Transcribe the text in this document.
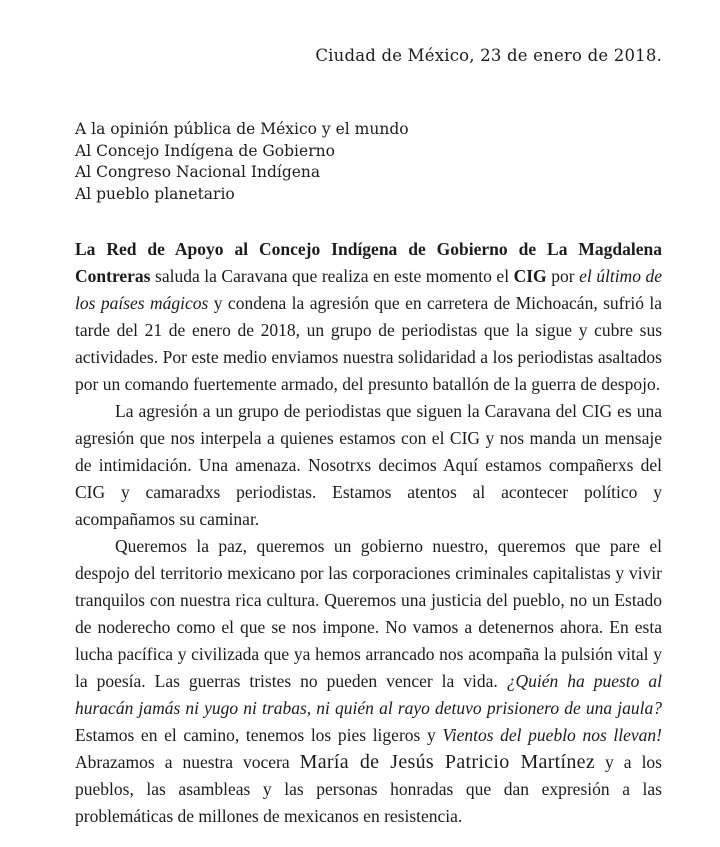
Ciudad de México, 23 de enero de 2018.
A la opinión pública de México y el mundo
Al Concejo Indígena de Gobierno
Al Congreso Nacional Indígena
Al pueblo planetario

La Red de Apoyo al Concejo Indígena de Gobierno de La Magdalena Contreras saluda la Caravana que realiza en este momento el CIG por el último de los países mágicos y condena la agresión que en carretera de Michoacán, sufrió la tarde del 21 de enero de 2018, un grupo de periodistas que la sigue y cubre sus actividades. Por este medio enviamos nuestra solidaridad a los periodistas asaltados por un comando fuertemente armado, del presunto batallón de la guerra de despojo.

La agresión a un grupo de periodistas que siguen la Caravana del CIG es una agresión que nos interpela a quienes estamos con el CIG y nos manda un mensaje de intimidación. Una amenaza. Nosotrxs decimos Aquí estamos compañerxs del CIG y camaradxs periodistas. Estamos atentos al acontecer político y acompañamos su caminar.

Queremos la paz, queremos un gobierno nuestro, queremos que pare el despojo del territorio mexicano por las corporaciones criminales capitalistas y vivir tranquilos con nuestra rica cultura. Queremos una justicia del pueblo, no un Estado de noderecho como el que se nos impone. No vamos a detenernos ahora. En esta lucha pacífica y civilizada que ya hemos arrancado nos acompaña la pulsión vital y la poesía. Las guerras tristes no pueden vencer la vida. ¿Quién ha puesto al huracán jamás ni yugo ni trabas, ni quién al rayo detuvo prisionero de una jaula? Estamos en el camino, tenemos los pies ligeros y Vientos del pueblo nos llevan! Abrazamos a nuestra vocera María de Jesús Patricio Martínez y a los pueblos, las asambleas y las personas honradas que dan expresión a las problemáticas de millones de mexicanos en resistencia.
